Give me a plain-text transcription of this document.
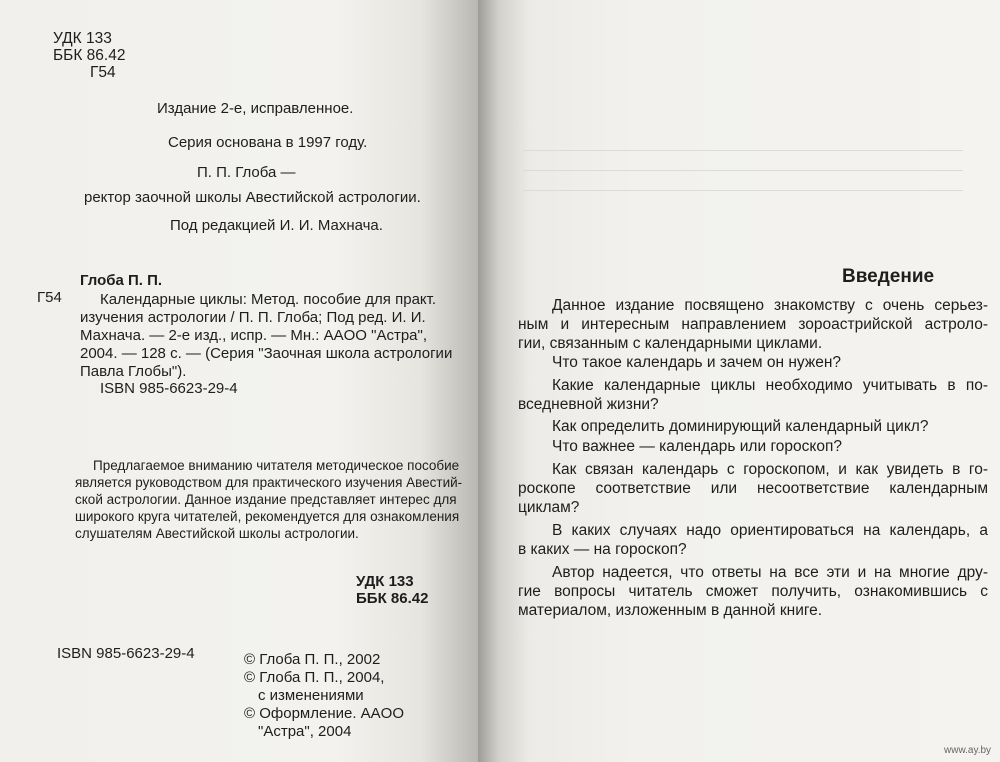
УДК 133
ББК 86.42
Г54
Издание 2-е, исправленное.
Серия основана в 1997 году.
П. П. Глоба —
ректор заочной школы Авестийской астрологии.
Под редакцией И. И. Махнача.
Глоба П. П.
Г54	Календарные циклы: Метод. пособие для практ.
изучения астрологии / П. П. Глоба; Под ред. И. И.
Махнача. — 2-е изд., испр. — Мн.: АAОО "Астра",
2004. — 128 с. — (Серия "Заочная школа астрологии
Павла Глобы").
ISBN 985-6623-29-4
Предлагаемое вниманию читателя методическое пособие
является руководством для практического изучения Авестий-
ской астрологии. Данное издание представляет интерес для
широкого круга читателей, рекомендуется для ознакомления
слушателям Авестийской школы астрологии.
УДК 133
ББК 86.42
ISBN 985-6623-29-4	© Глоба П. П., 2002
© Глоба П. П., 2004,
с изменениями
© Оформление. АAОО
"Астра", 2004
Введение
Данное издание посвящено знакомству с очень серьез-
ным и интересным направлением зороастрийской астроло-
гии, связанным с календарными циклами.
Что такое календарь и зачем он нужен?
Какие календарные циклы необходимо учитывать в по-
вседневной жизни?
Как определить доминирующий календарный цикл?
Что важнее — календарь или гороскоп?
Как связан календарь с гороскопом, и как увидеть в го-
роскопе соответствие или несоответствие календарным
циклам?
В каких случаях надо ориентироваться на календарь, а
в каких — на гороскоп?
Автор надеется, что ответы на все эти и на многие дру-
гие вопросы читатель сможет получить, ознакомившись с
материалом, изложенным в данной книге.
www.ay.by
